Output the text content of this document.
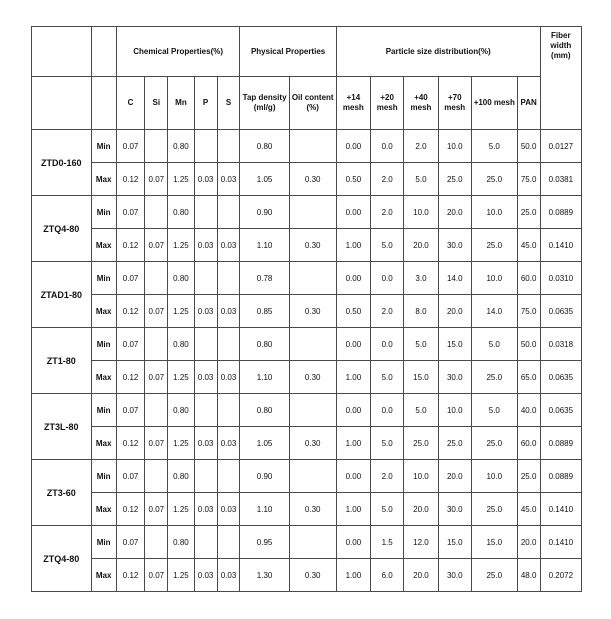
		Chemical Properties(%)					Physical Properties		Particle size distribution(%)						Fiber width (mm)
		C	Si	Mn	P	S	Tap density (ml/g)	Oil content (%)	+14 mesh	+20 mesh	+40 mesh	+70 mesh	+100 mesh	PAN	
ZTD0-160	Min	0.07		0.80			0.80		0.00	0.0	2.0	10.0	5.0	50.0	0.0127
	Max	0.12	0.07	1.25	0.03	0.03	1.05	0.30	0.50	2.0	5.0	25.0	25.0	75.0	0.0381
ZTQ4-80	Min	0.07		0.80			0.90		0.00	2.0	10.0	20.0	10.0	25.0	0.0889
	Max	0.12	0.07	1.25	0.03	0.03	1.10	0.30	1.00	5.0	20.0	30.0	25.0	45.0	0.1410
ZTAD1-80	Min	0.07		0.80			0.78		0.00	0.0	3.0	14.0	10.0	60.0	0.0310
	Max	0.12	0.07	1.25	0.03	0.03	0.85	0.30	0.50	2.0	8.0	20.0	14.0	75.0	0.0635
ZT1-80	Min	0.07		0.80			0.80		0.00	0.0	5.0	15.0	5.0	50.0	0.0318
	Max	0.12	0.07	1.25	0.03	0.03	1.10	0.30	1.00	5.0	15.0	30.0	25.0	65.0	0.0635
ZT3L-80	Min	0.07		0.80			0.80		0.00	0.0	5.0	10.0	5.0	40.0	0.0635
	Max	0.12	0.07	1.25	0.03	0.03	1.05	0.30	1.00	5.0	25.0	25.0	25.0	60.0	0.0889
ZT3-60	Min	0.07		0.80			0.90		0.00	2.0	10.0	20.0	10.0	25.0	0.0889
	Max	0.12	0.07	1.25	0.03	0.03	1.10	0.30	1.00	5.0	20.0	30.0	25.0	45.0	0.1410
ZTQ4-80	Min	0.07		0.80			0.95		0.00	1.5	12.0	15.0	15.0	20.0	0.1410
	Max	0.12	0.07	1.25	0.03	0.03	1.30	0.30	1.00	6.0	20.0	30.0	25.0	48.0	0.2072
